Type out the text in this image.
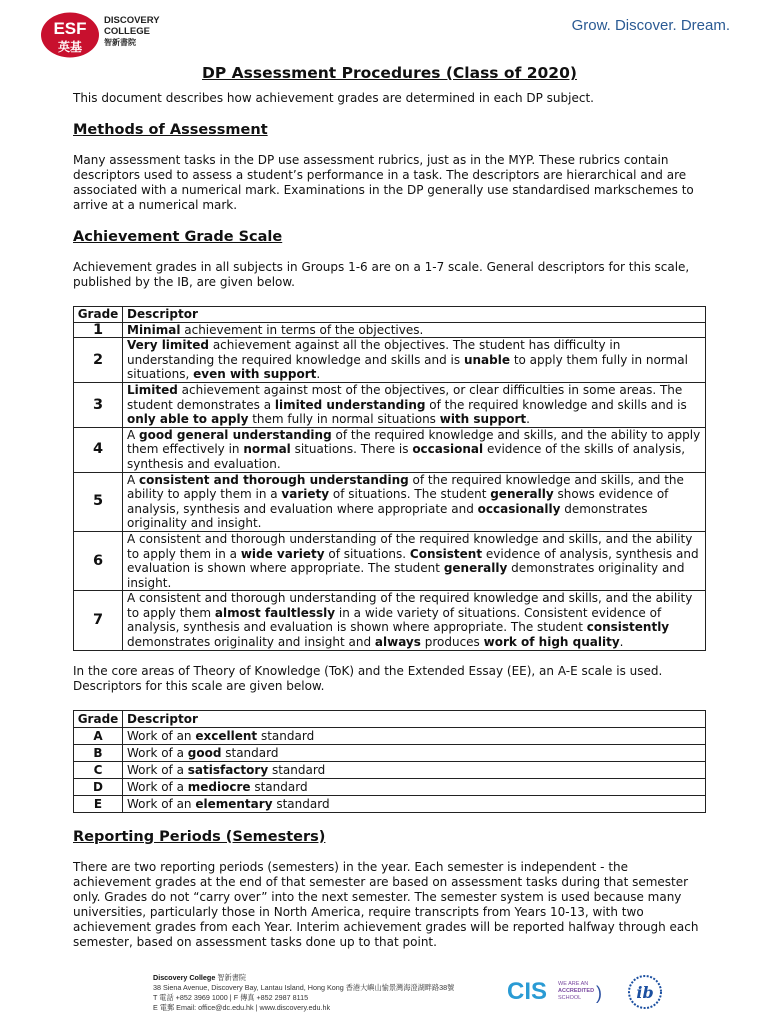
ESF
英基
DISCOVERY
COLLEGE
智新書院
Grow. Discover. Dream.
DP Assessment Procedures (Class of 2020)

This document describes how achievement grades are determined in each DP subject.

Methods of Assessment

Many assessment tasks in the DP use assessment rubrics, just as in the MYP. These rubrics contain descriptors used to assess a student’s performance in a task. The descriptors are hierarchical and are associated with a numerical mark. Examinations in the DP generally use standardised markschemes to arrive at a numerical mark.

Achievement Grade Scale

Achievement grades in all subjects in Groups 1-6 are on a 1-7 scale. General descriptors for this scale, published by the IB, are given below.

Grade	Descriptor
1	Minimal achievement in terms of the objectives.
2	Very limited achievement against all the objectives. The student has difficulty in understanding the required knowledge and skills and is unable to apply them fully in normal situations, even with support.
3	Limited achievement against most of the objectives, or clear difficulties in some areas. The student demonstrates a limited understanding of the required knowledge and skills and is only able to apply them fully in normal situations with support.
4	A good general understanding of the required knowledge and skills, and the ability to apply them effectively in normal situations. There is occasional evidence of the skills of analysis, synthesis and evaluation.
5	A consistent and thorough understanding of the required knowledge and skills, and the ability to apply them in a variety of situations. The student generally shows evidence of analysis, synthesis and evaluation where appropriate and occasionally demonstrates originality and insight.
6	A consistent and thorough understanding of the required knowledge and skills, and the ability to apply them in a wide variety of situations. Consistent evidence of analysis, synthesis and evaluation is shown where appropriate. The student generally demonstrates originality and insight.
7	A consistent and thorough understanding of the required knowledge and skills, and the ability to apply them almost faultlessly in a wide variety of situations. Consistent evidence of analysis, synthesis and evaluation is shown where appropriate. The student consistently demonstrates originality and insight and always produces work of high quality.

In the core areas of Theory of Knowledge (ToK) and the Extended Essay (EE), an A-E scale is used. Descriptors for this scale are given below.

Grade	Descriptor
A	Work of an excellent standard
B	Work of a good standard
C	Work of a satisfactory standard
D	Work of a mediocre standard
E	Work of an elementary standard
Reporting Periods (Semesters)

There are two reporting periods (semesters) in the year. Each semester is independent - the achievement grades at the end of that semester are based on assessment tasks during that semester only. Grades do not “carry over” into the next semester. The semester system is used because many universities, particularly those in North America, require transcripts from Years 10-13, with two achievement grades from each Year. Interim achievement grades will be reported halfway through each semester, based on assessment tasks done up to that point.

Discovery College 智新書院
38 Siena Avenue, Discovery Bay, Lantau Island, Hong Kong 香港大嶼山愉景灣海澄湖畔路38號
T 電話 +852 3969 1000 | F 傳真 +852 2987 8115
E 電郵 Email: office@dc.edu.hk | www.discovery.edu.hk
CIS WE ARE AN
ACCREDITED
SCHOOL ) ib
